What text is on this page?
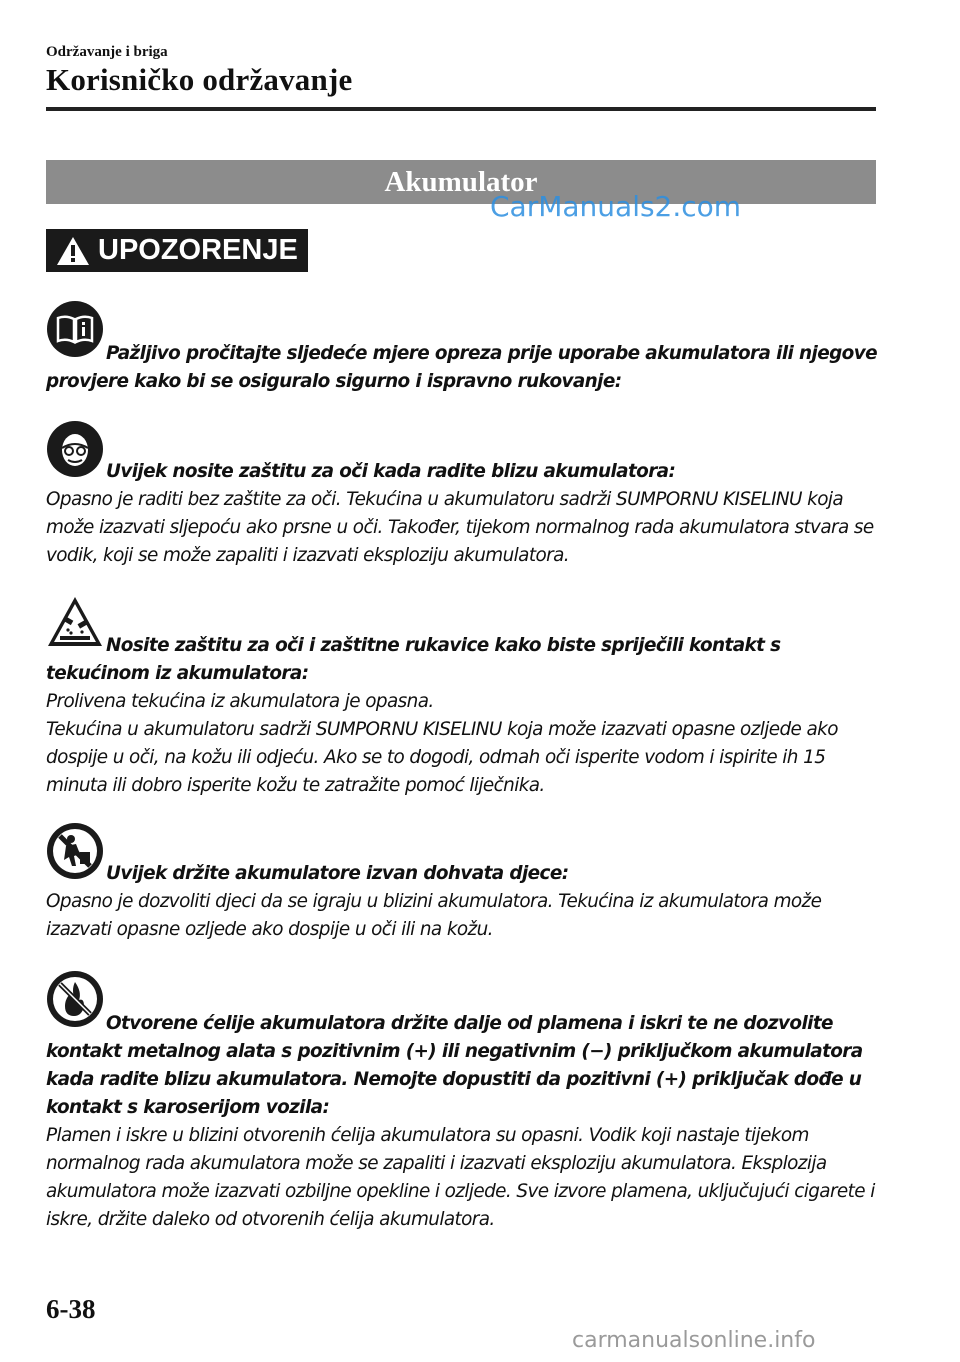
Održavanje i briga
Korisničko održavanje
Akumulator
CarManuals2.com
UPOZORENJE
Pažljivo pročitajte sljedeće mjere opreza prije uporabe akumulatora ili njegove provjere kako bi se osiguralo sigurno i ispravno rukovanje:
Uvijek nosite zaštitu za oči kada radite blizu akumulatora:
Opasno je raditi bez zaštite za oči. Tekućina u akumulatoru sadrži SUMPORNU KISELINU koja može izazvati sljepoću ako prsne u oči. Također, tijekom normalnog rada akumulatora stvara se vodik, koji se može zapaliti i izazvati eksploziju akumulatora.
Nosite zaštitu za oči i zaštitne rukavice kako biste spriječili kontakt s tekućinom iz akumulatora:
Prolivena tekućina iz akumulatora je opasna.
Tekućina u akumulatoru sadrži SUMPORNU KISELINU koja može izazvati opasne ozljede ako dospije u oči, na kožu ili odjeću. Ako se to dogodi, odmah oči isperite vodom i ispirite ih 15 minuta ili dobro isperite kožu te zatražite pomoć liječnika.
Uvijek držite akumulatore izvan dohvata djece:
Opasno je dozvoliti djeci da se igraju u blizini akumulatora. Tekućina iz akumulatora može izazvati opasne ozljede ako dospije u oči ili na kožu.
Otvorene ćelije akumulatora držite dalje od plamena i iskri te ne dozvolite kontakt metalnog alata s pozitivnim (+) ili negativnim (−) priključkom akumulatora kada radite blizu akumulatora. Nemojte dopustiti da pozitivni (+) priključak dođe u kontakt s karoserijom vozila:
Plamen i iskre u blizini otvorenih ćelija akumulatora su opasni. Vodik koji nastaje tijekom normalnog rada akumulatora može se zapaliti i izazvati eksploziju akumulatora. Eksplozija akumulatora može izazvati ozbiljne opekline i ozljede. Sve izvore plamena, uključujući cigarete i iskre, držite daleko od otvorenih ćelija akumulatora.
6-38
carmanualsonline.info
